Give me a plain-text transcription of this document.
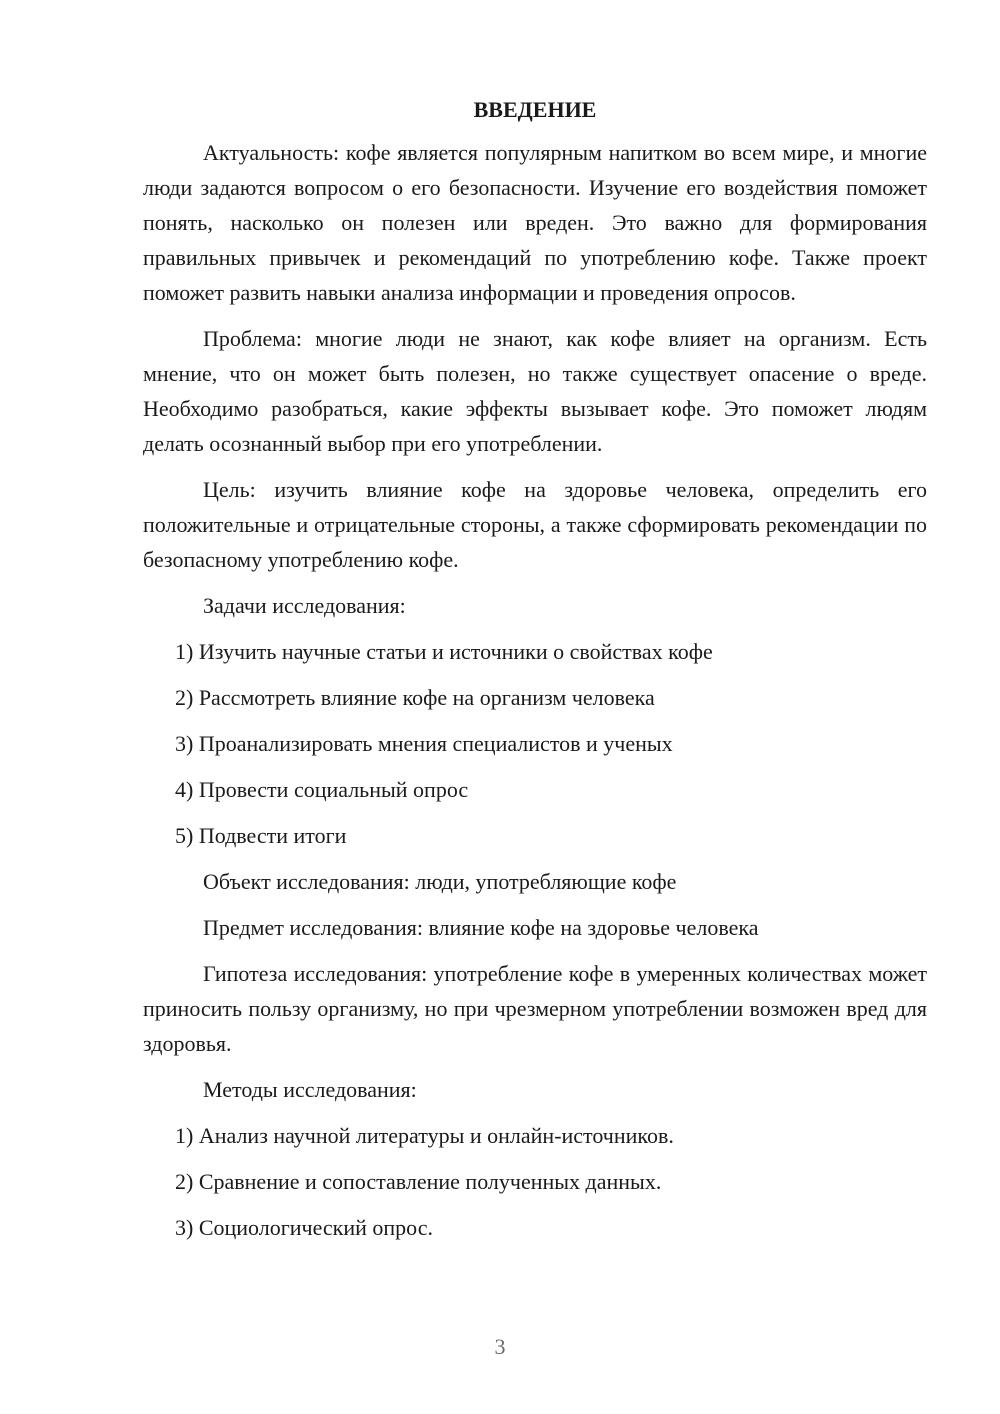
ВВЕДЕНИЕ

Актуальность: кофе является популярным напитком во всем мире, и многие люди задаются вопросом о его безопасности. Изучение его воздействия поможет понять, насколько он полезен или вреден. Это важно для формирования правильных привычек и рекомендаций по употреблению кофе. Также проект поможет развить навыки анализа информации и проведения опросов.

Проблема: многие люди не знают, как кофе влияет на организм. Есть мнение, что он может быть полезен, но также существует опасение о вреде. Необходимо разобраться, какие эффекты вызывает кофе. Это поможет людям делать осознанный выбор при его употреблении.

Цель: изучить влияние кофе на здоровье человека, определить его положительные и отрицательные стороны, а также сформировать рекомендации по безопасному употреблению кофе.

Задачи исследования:

1) Изучить научные статьи и источники о свойствах кофе

2) Рассмотреть влияние кофе на организм человека

3) Проанализировать мнения специалистов и ученых

4) Провести социальный опрос

5) Подвести итоги

Объект исследования: люди, употребляющие кофе

Предмет исследования: влияние кофе на здоровье человека

Гипотеза исследования: употребление кофе в умеренных количествах может приносить пользу организму, но при чрезмерном употреблении возможен вред для здоровья.

Методы исследования:

1) Анализ научной литературы и онлайн-источников.

2) Сравнение и сопоставление полученных данных.

3) Социологический опрос.

3
